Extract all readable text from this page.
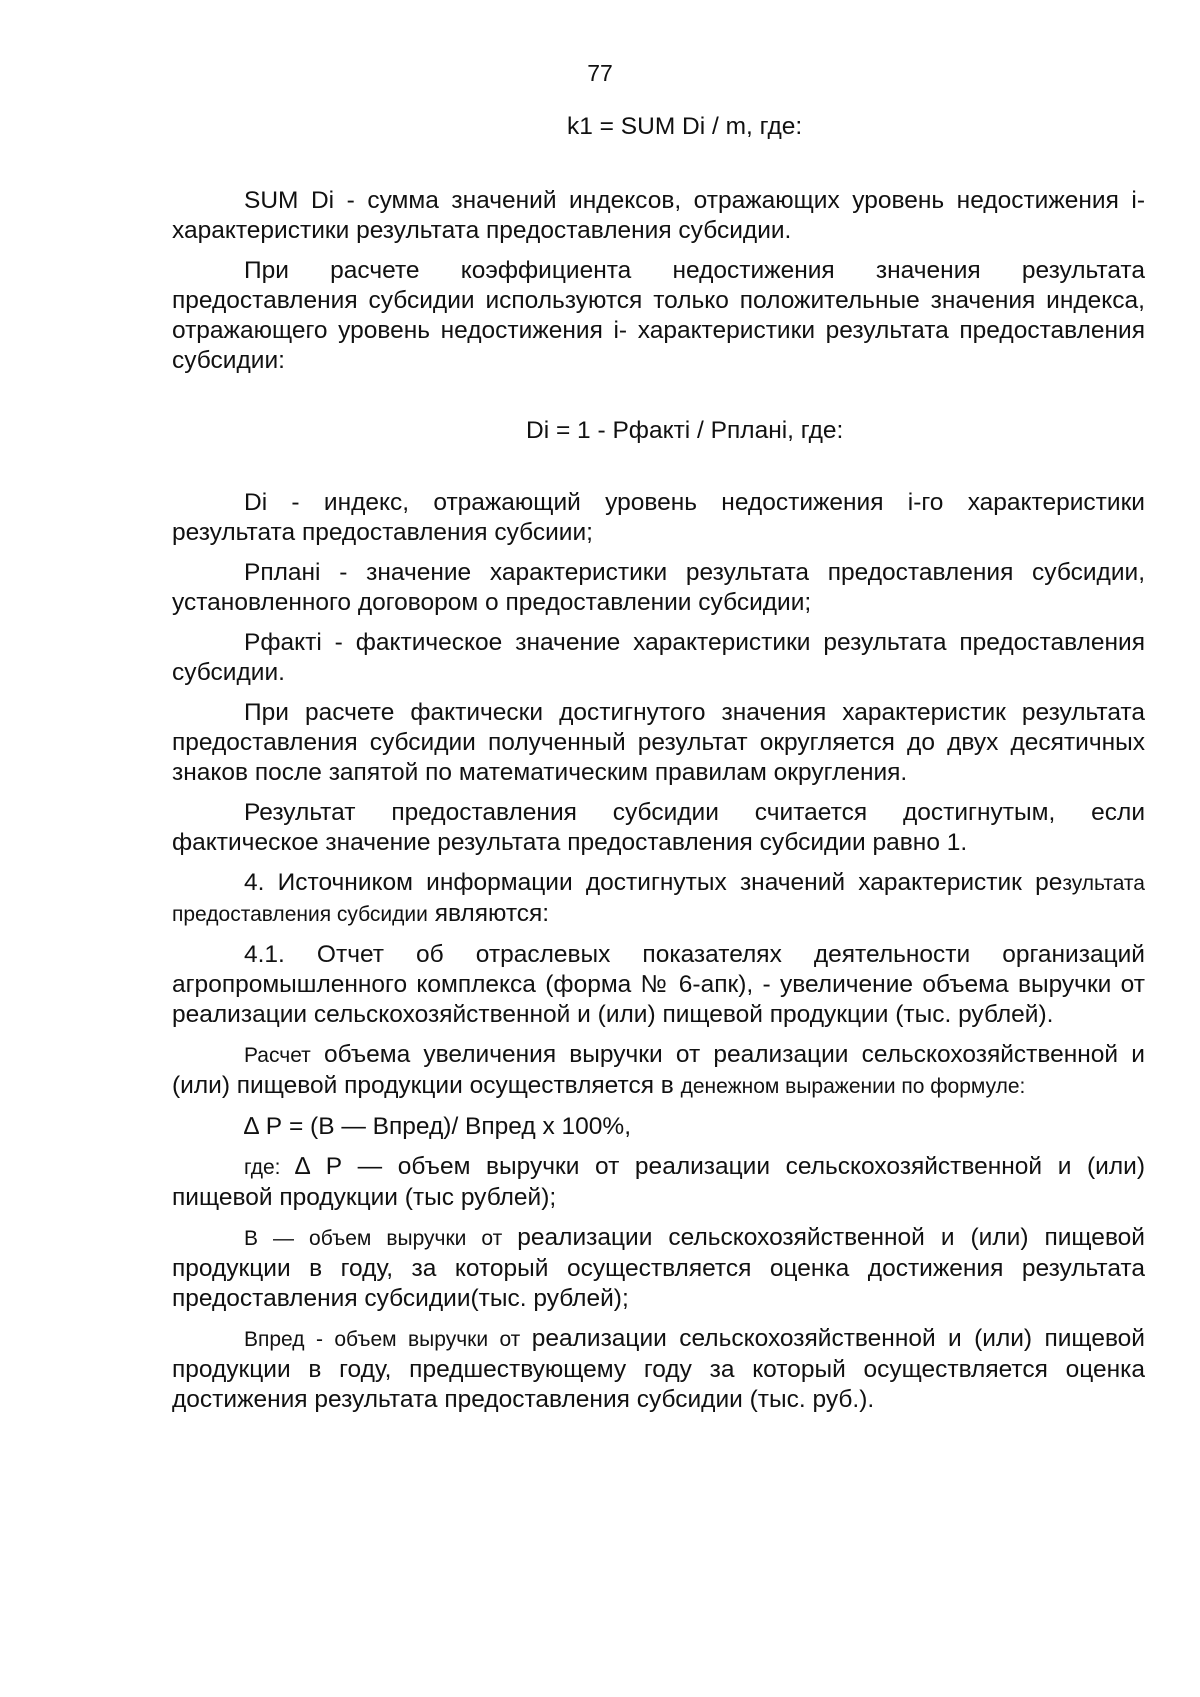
77
k1 = SUM Di / m, где:

SUM Di - сумма значений индексов, отражающих уровень недостижения i-характеристики результата предоставления субсидии.

При расчете коэффициента недостижения значения результата предоставления субсидии используются только положительные значения индекса, отражающего уровень недостижения i- характеристики результата предоставления субсидии:

Di = 1 - Рфактi / Рпланi, где:

Di - индекс, отражающий уровень недостижения i-го характеристики результата предоставления субсиии;

Рпланi - значение характеристики результата предоставления субсидии, установленного договором о предоставлении субсидии;

Рфактi - фактическое значение характеристики результата предоставления субсидии.

При расчете фактически достигнутого значения характеристик результата предоставления субсидии полученный результат округляется до двух десятичных знаков после запятой по математическим правилам округления.

Результат предоставления субсидии считается достигнутым, если фактическое значение результата предоставления субсидии равно 1.

4. Источником информации достигнутых значений характеристик результата предоставления субсидии являются:

4.1. Отчет об отраслевых показателях деятельности организаций агропромышленного комплекса (форма № 6-апк), - увеличение объема выручки от реализации сельскохозяйственной и (или) пищевой продукции (тыс. рублей).

Расчет объема увеличения выручки от реализации сельскохозяйственной и (или) пищевой продукции осуществляется в денежном выражении по формуле:

∆ Р = (В — Впред)/ Впред х 100%,

где: ∆ Р — объем выручки от реализации сельскохозяйственной и (или) пищевой продукции (тыс рублей);

В — объем выручки от реализации сельскохозяйственной и (или) пищевой продукции в году, за который осуществляется оценка достижения результата предоставления субсидии(тыс. рублей);

Впред - объем выручки от реализации сельскохозяйственной и (или) пищевой продукции в году, предшествующему году за который осуществляется оценка достижения результата предоставления субсидии (тыс. руб.).
